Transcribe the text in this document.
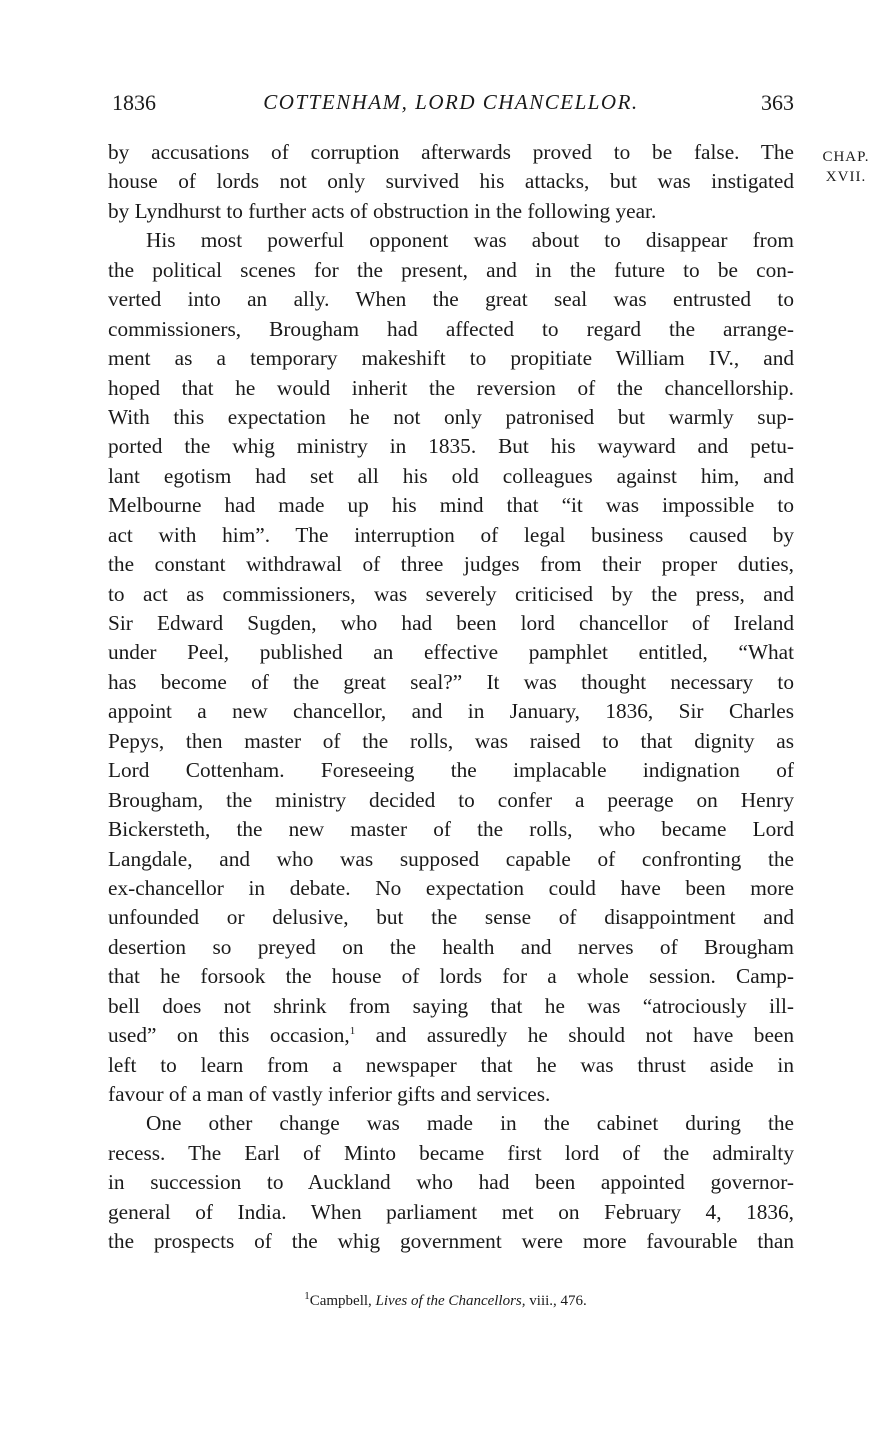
1836	COTTENHAM, LORD CHANCELLOR.	363
CHAP.
XVII.
by accusations of corruption afterwards proved to be false. The
house of lords not only survived his attacks, but was instigated
by Lyndhurst to further acts of obstruction in the following year.
His most powerful opponent was about to disappear from
the political scenes for the present, and in the future to be con-
verted into an ally. When the great seal was entrusted to
commissioners, Brougham had affected to regard the arrange-
ment as a temporary makeshift to propitiate William IV., and
hoped that he would inherit the reversion of the chancellorship.
With this expectation he not only patronised but warmly sup-
ported the whig ministry in 1835. But his wayward and petu-
lant egotism had set all his old colleagues against him, and
Melbourne had made up his mind that “it was impossible to
act with him”. The interruption of legal business caused by
the constant withdrawal of three judges from their proper duties,
to act as commissioners, was severely criticised by the press, and
Sir Edward Sugden, who had been lord chancellor of Ireland
under Peel, published an effective pamphlet entitled, “What
has become of the great seal?” It was thought necessary to
appoint a new chancellor, and in January, 1836, Sir Charles
Pepys, then master of the rolls, was raised to that dignity as
Lord Cottenham. Foreseeing the implacable indignation of
Brougham, the ministry decided to confer a peerage on Henry
Bickersteth, the new master of the rolls, who became Lord
Langdale, and who was supposed capable of confronting the
ex-chancellor in debate. No expectation could have been more
unfounded or delusive, but the sense of disappointment and
desertion so preyed on the health and nerves of Brougham
that he forsook the house of lords for a whole session. Camp-
bell does not shrink from saying that he was “atrociously ill-
used” on this occasion,$^1$ and assuredly he should not have been
left to learn from a newspaper that he was thrust aside in
favour of a man of vastly inferior gifts and services.
One other change was made in the cabinet during the
recess. The Earl of Minto became first lord of the admiralty
in succession to Auckland who had been appointed governor-
general of India. When parliament met on February 4, 1836,
the prospects of the whig government were more favourable than
$^1$Campbell, Lives of the Chancellors, viii., 476.
